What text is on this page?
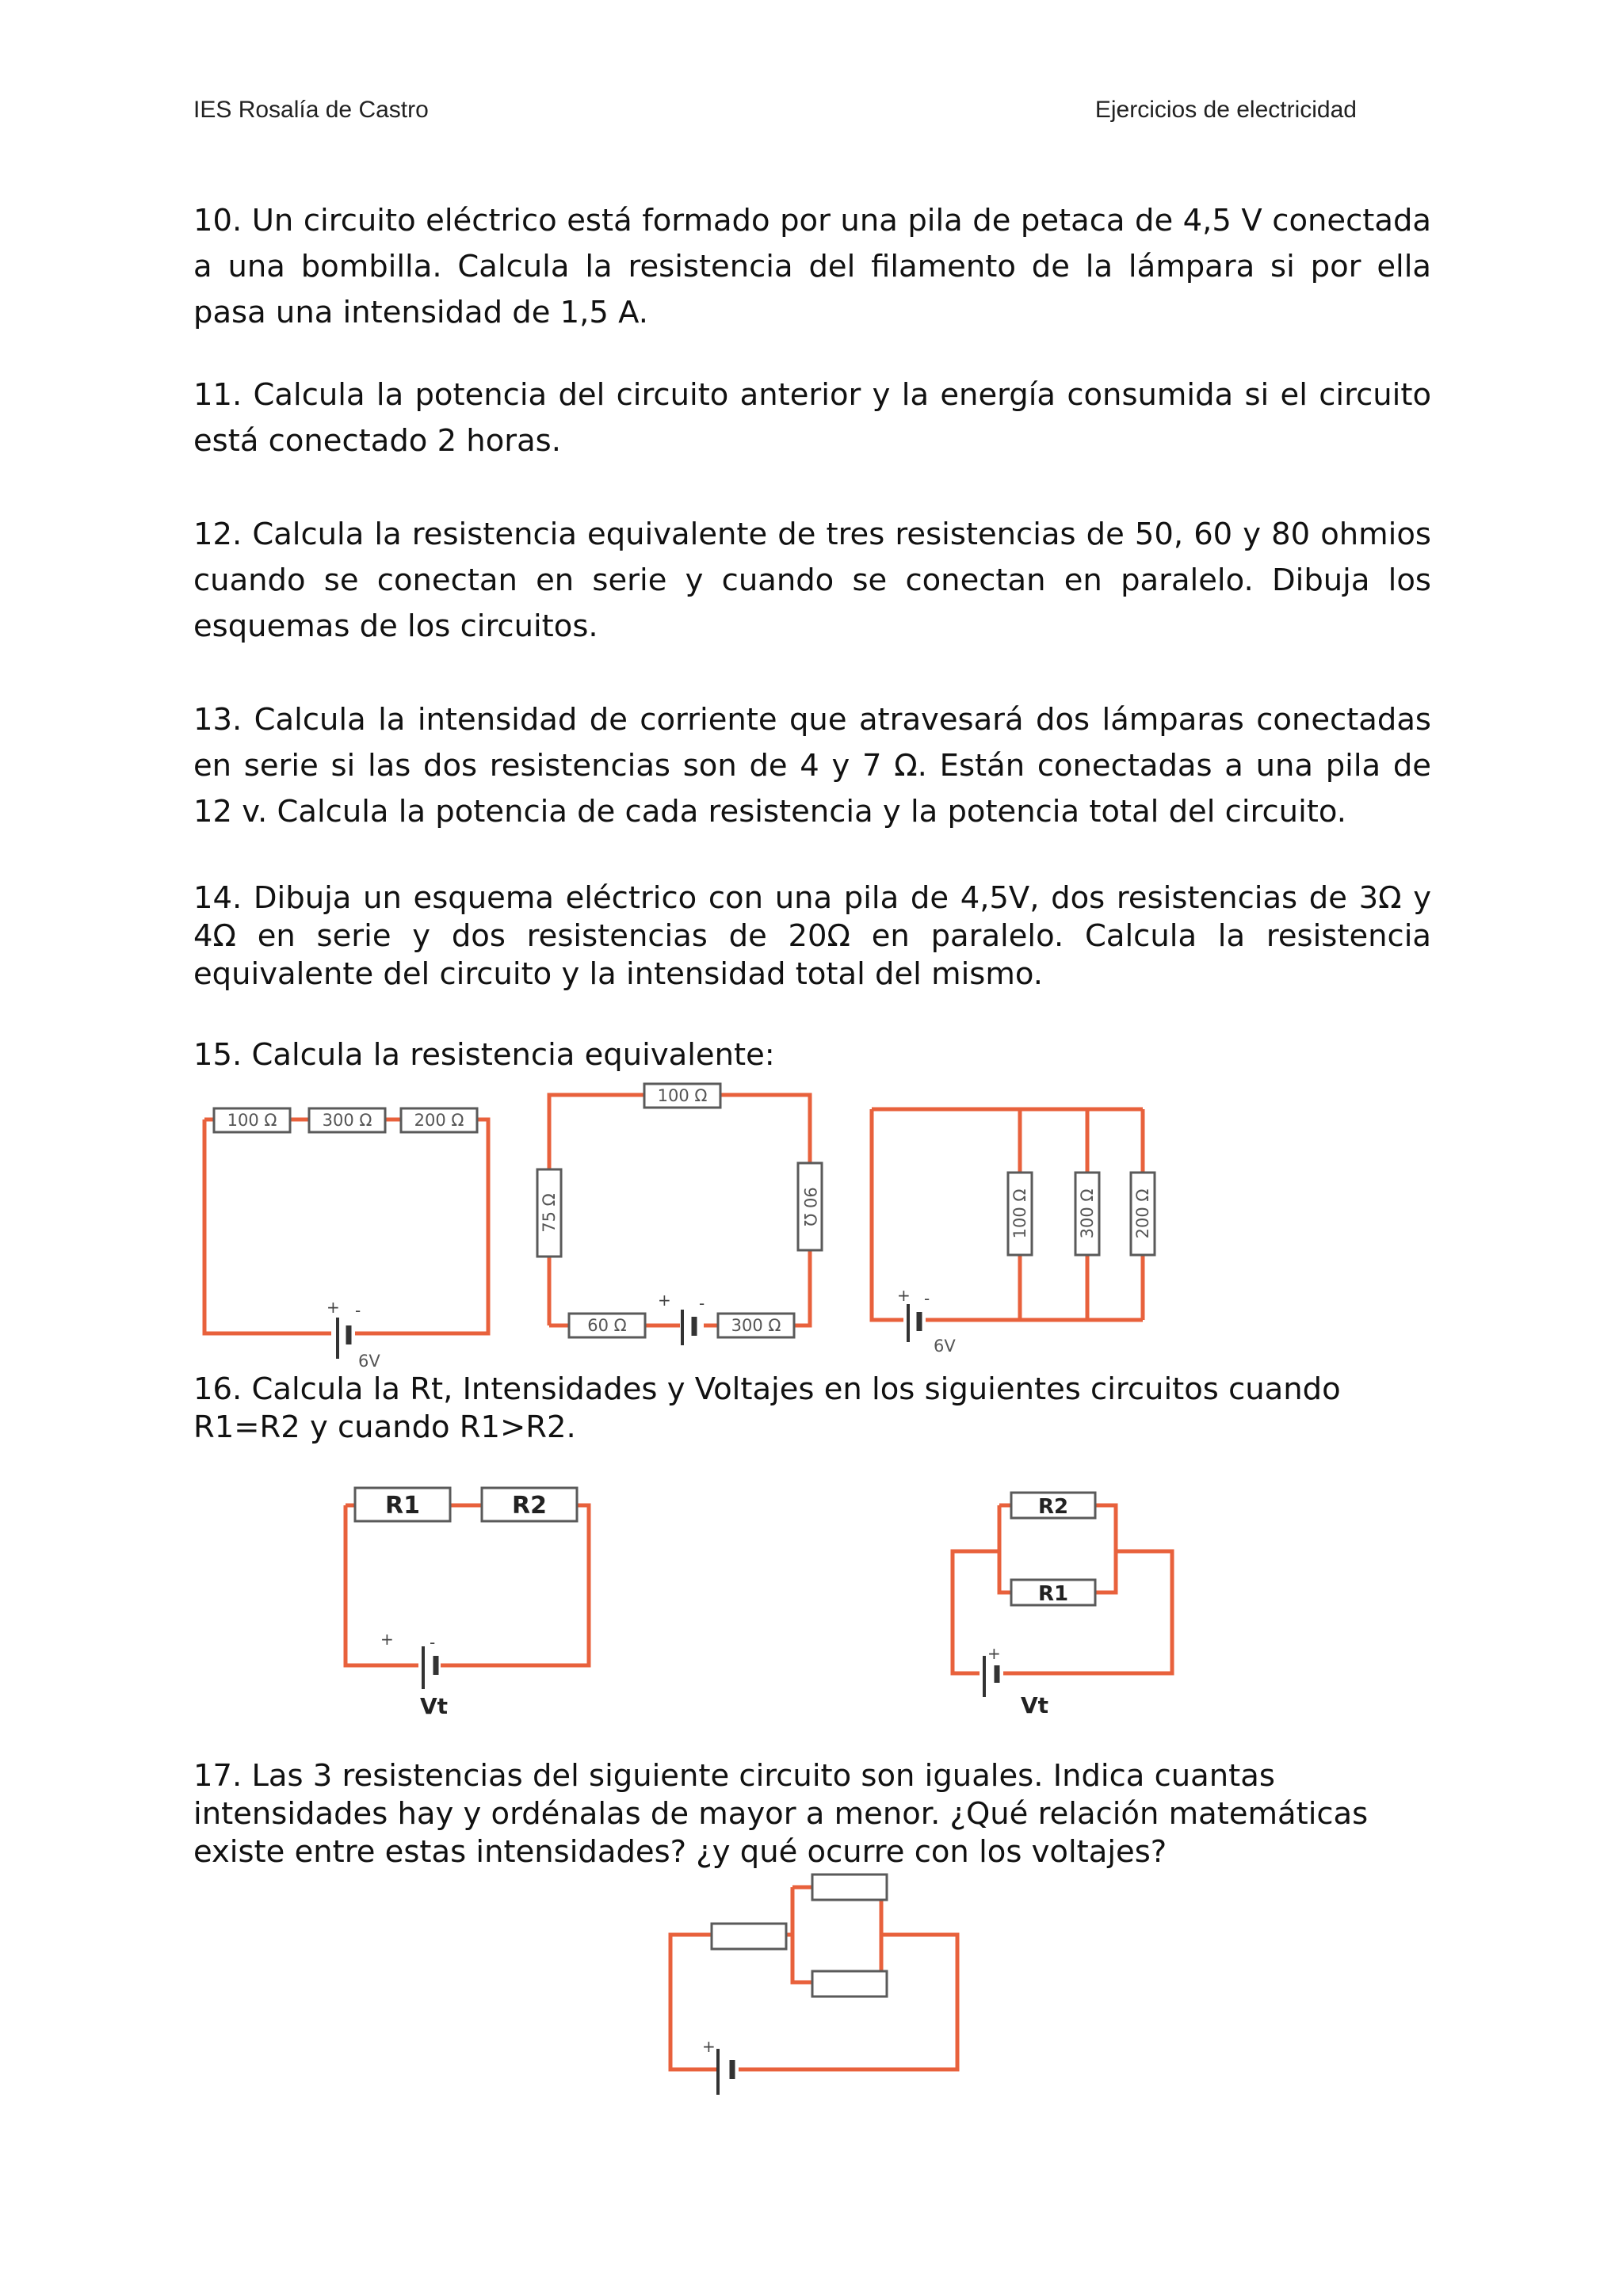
IES Rosalía de Castro	Ejercicios de electricidad

10. Un circuito eléctrico está formado por una pila de petaca de 4,5 V conectada a una bombilla. Calcula la resistencia del filamento de la lámpara si por ella pasa una intensidad de 1,5 A.

11. Calcula la potencia del circuito anterior y la energía consumida si el circuito está conectado 2 horas.

12. Calcula la resistencia equivalente de tres resistencias de 50, 60 y 80 ohmios cuando se conectan en serie y cuando se conectan en paralelo. Dibuja los esquemas de los circuitos.

13. Calcula la intensidad de corriente que atravesará dos lámparas conectadas en serie si las dos resistencias son de 4 y 7 Ω. Están conectadas a una pila de 12 v. Calcula la potencia de cada resistencia y la potencia total del circuito.

14. Dibuja un esquema eléctrico con una pila de 4,5V, dos resistencias de 3Ω y 4Ω en serie y dos resistencias de 20Ω en paralelo. Calcula la resistencia equivalente del circuito y la intensidad total del mismo.

15. Calcula la resistencia equivalente:

100 Ω	300 Ω	200 Ω
+ -
6V
100 Ω
75 Ω	90 Ω
60 Ω	300 Ω
+ -
100 Ω	300 Ω 200 Ω
+ -
6V

16. Calcula la Rt, Intensidades y Voltajes en los siguientes circuitos cuando R1=R2 y cuando R1>R2.

R1	R2
+ -
Vt
R2
R1
+
Vt

17. Las 3 resistencias del siguiente circuito son iguales. Indica cuantas intensidades hay y ordénalas de mayor a menor. ¿Qué relación matemáticas existe entre estas intensidades? ¿y qué ocurre con los voltajes?

+
